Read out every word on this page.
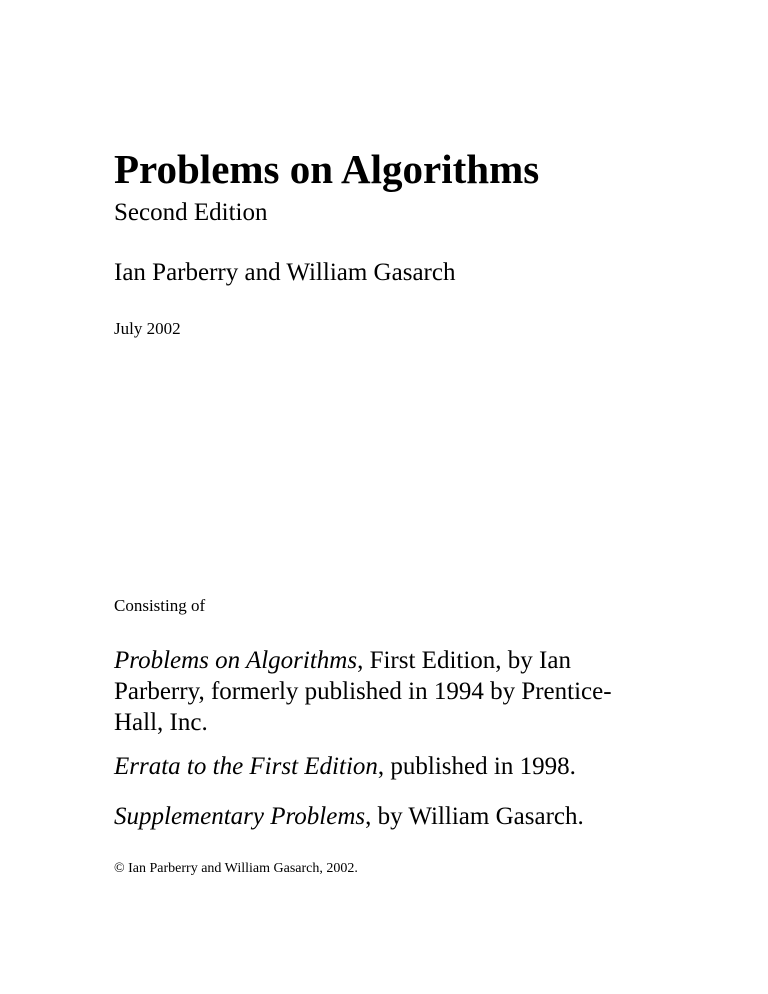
Problems on Algorithms
Second Edition
Ian Parberry and William Gasarch
July 2002
Consisting of

Problems on Algorithms, First Edition, by Ian Parberry, formerly published in 1994 by Prentice-Hall, Inc.

Errata to the First Edition, published in 1998.

Supplementary Problems, by William Gasarch.

© Ian Parberry and William Gasarch, 2002.
